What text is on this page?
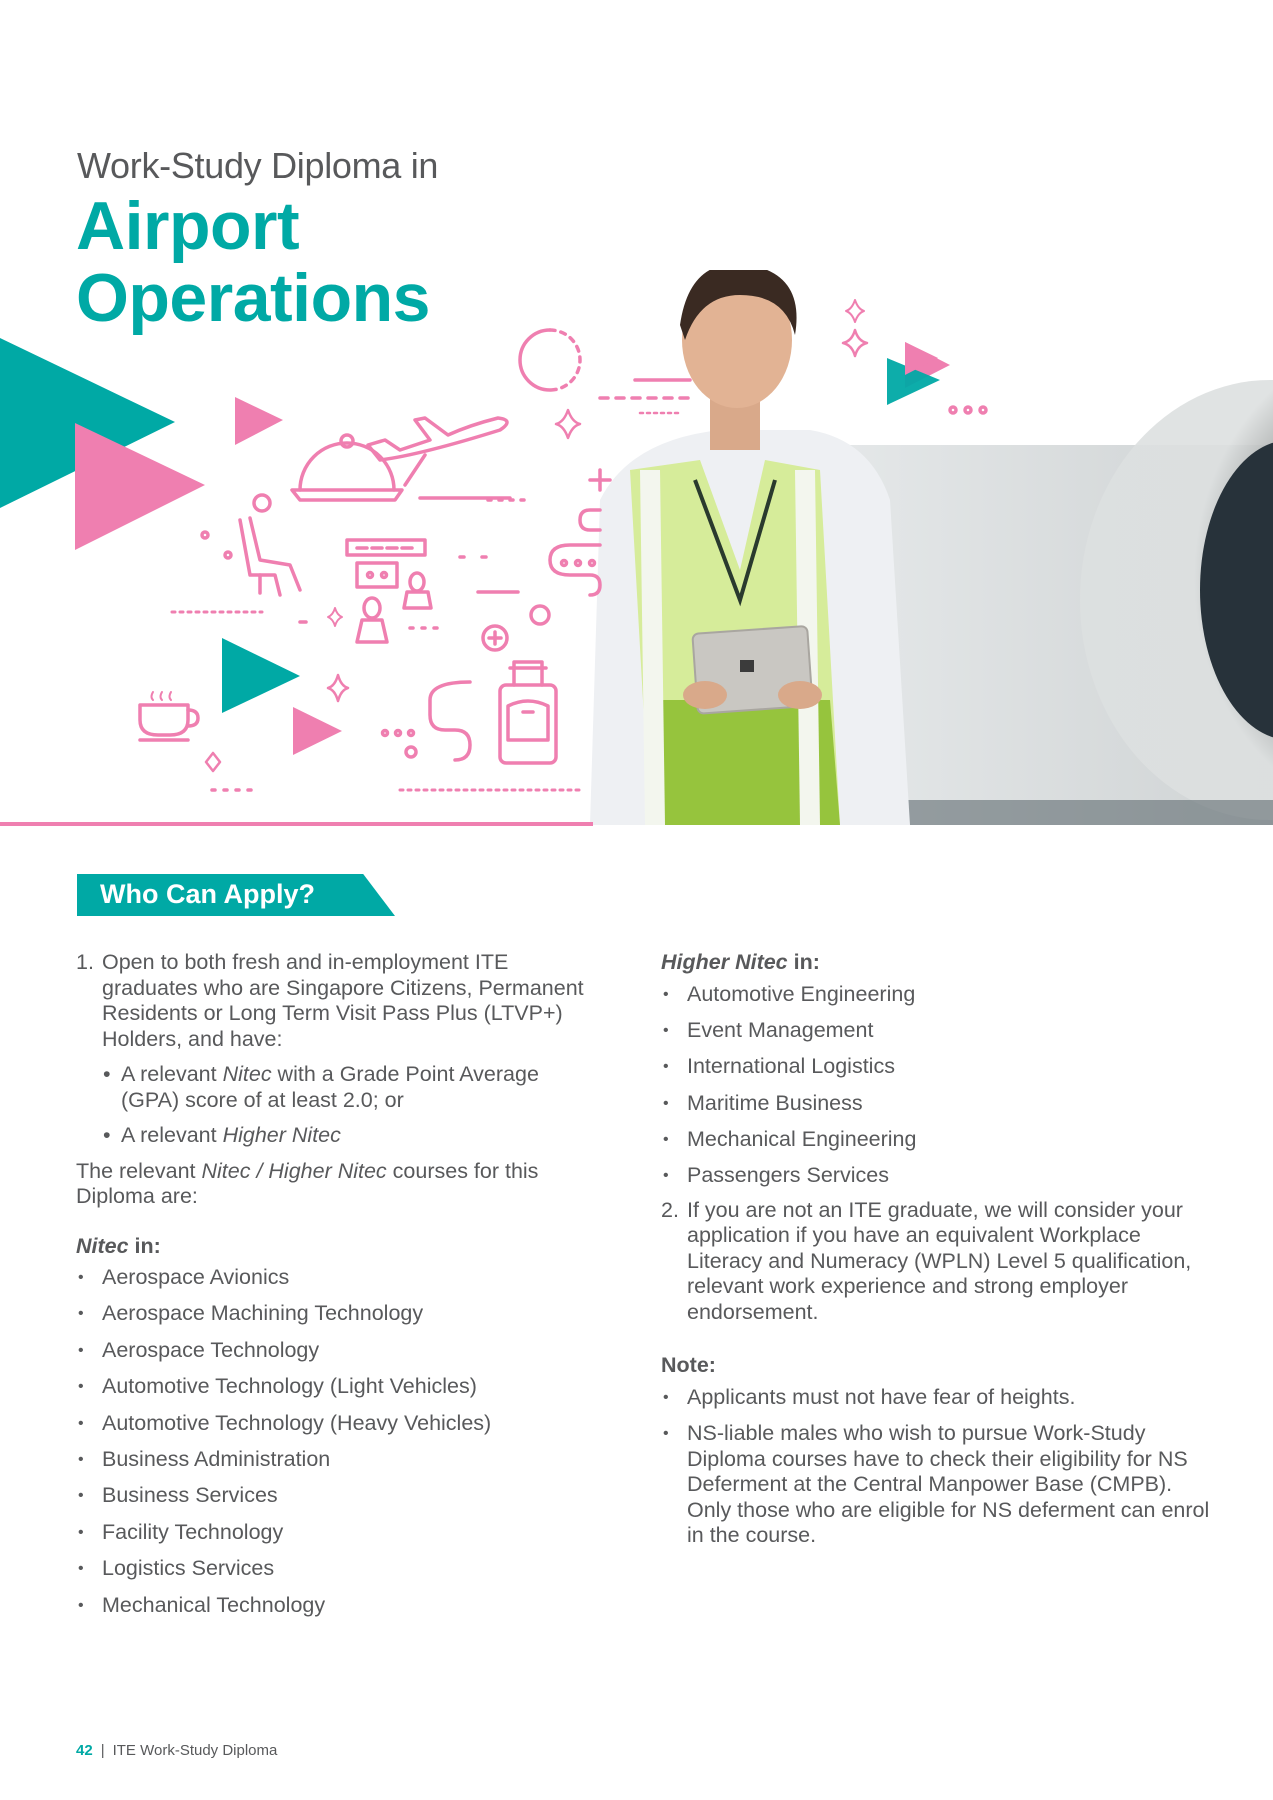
Work-Study Diploma in
Airport
Operations
Who Can Apply?
1. Open to both fresh and in-employment ITE graduates who are Singapore Citizens, Permanent Residents or Long Term Visit Pass Plus (LTVP+) Holders, and have:
• A relevant Nitec with a Grade Point Average (GPA) score of at least 2.0; or
• A relevant Higher Nitec
The relevant Nitec / Higher Nitec courses for this Diploma are:
Nitec in:
• Aerospace Avionics
• Aerospace Machining Technology
• Aerospace Technology
• Automotive Technology (Light Vehicles)
• Automotive Technology (Heavy Vehicles)
• Business Administration
• Business Services
• Facility Technology
• Logistics Services
• Mechanical Technology
Higher Nitec in:
• Automotive Engineering
• Event Management
• International Logistics
• Maritime Business
• Mechanical Engineering
• Passengers Services
2. If you are not an ITE graduate, we will consider your application if you have an equivalent Workplace Literacy and Numeracy (WPLN) Level 5 qualification, relevant work experience and strong employer endorsement.
Note:
• Applicants must not have fear of heights.
• NS-liable males who wish to pursue Work-Study Diploma courses have to check their eligibility for NS Deferment at the Central Manpower Base (CMPB). Only those who are eligible for NS deferment can enrol in the course.
42 | ITE Work-Study Diploma
